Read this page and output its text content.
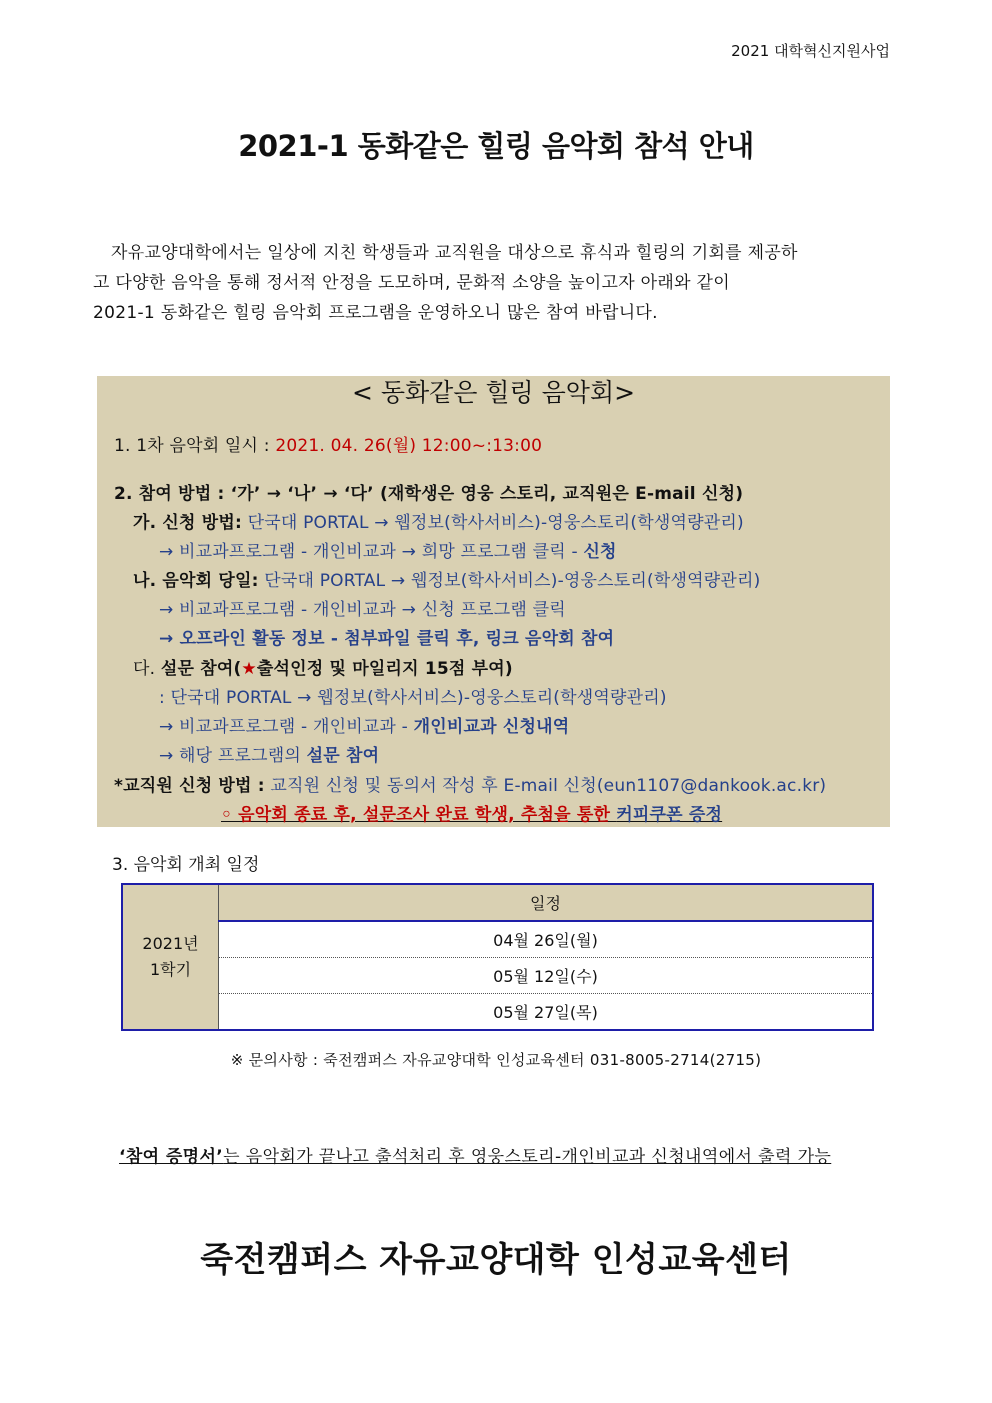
2021 대학혁신지원사업
2021-1 동화같은 힐링 음악회 참석 안내

자유교양대학에서는 일상에 지친 학생들과 교직원을 대상으로 휴식과 힐링의 기회를 제공하

고 다양한 음악을 통해 정서적 안정을 도모하며, 문화적 소양을 높이고자 아래와 같이

2021-1 동화같은 힐링 음악회 프로그램을 운영하오니 많은 참여 바랍니다.

< 동화같은 힐링 음악회>
1. 1차 음악회 일시 : 2021. 04. 26(월) 12:00~:13:00
2. 참여 방법 : ‘가’ → ‘나’ → ‘다’ (재학생은 영웅 스토리, 교직원은 E-mail 신청)
가. 신청 방법: 단국대 PORTAL → 웹정보(학사서비스)-영웅스토리(학생역량관리)
→ 비교과프로그램 - 개인비교과 → 희망 프로그램 클릭 - 신청
나. 음악회 당일: 단국대 PORTAL → 웹정보(학사서비스)-영웅스토리(학생역량관리)
→ 비교과프로그램 - 개인비교과 → 신청 프로그램 클릭
→ 오프라인 활동 정보 - 첨부파일 클릭 후, 링크 음악회 참여
다. 설문 참여(★출석인정 및 마일리지 15점 부여)
: 단국대 PORTAL → 웹정보(학사서비스)-영웅스토리(학생역량관리)
→ 비교과프로그램 - 개인비교과 - 개인비교과 신청내역
→ 해당 프로그램의 설문 참여
*교직원 신청 방법 : 교직원 신청 및 동의서 작성 후 E-mail 신청(eun1107@dankook.ac.kr)
◦ 음악회 종료 후, 설문조사 완료 학생, 추첨을 통한 커피쿠폰 증정
3. 음악회 개최 일정
2021년
1학기	일정
04월 26일(월)
05월 12일(수)
05월 27일(목)
※ 문의사항 : 죽전캠퍼스 자유교양대학 인성교육센터 031-8005-2714(2715)
‘참여 증명서’는 음악회가 끝나고 출석처리 후 영웅스토리-개인비교과 신청내역에서 출력 가능
죽전캠퍼스 자유교양대학 인성교육센터
